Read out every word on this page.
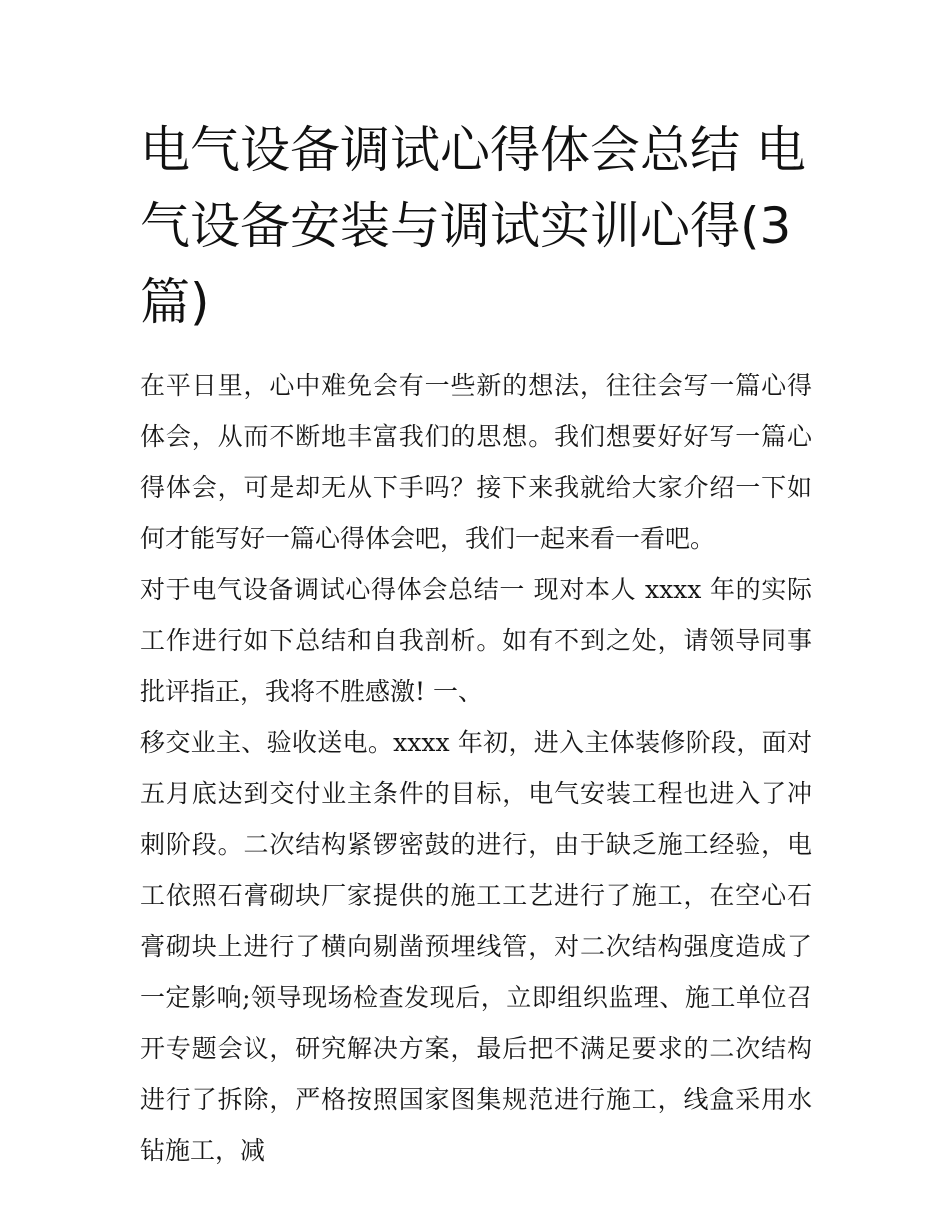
电气设备调试心得体会总结 电气设备安装与调试实训心得(3篇)

在平日里，心中难免会有一些新的想法，往往会写一篇心得体会，从而不断地丰富我们的思想。我们想要好好写一篇心得体会，可是却无从下手吗？接下来我就给大家介绍一下如何才能写好一篇心得体会吧，我们一起来看一看吧。

对于电气设备调试心得体会总结一 现对本人 xxxx 年的实际工作进行如下总结和自我剖析。如有不到之处，请领导同事批评指正，我将不胜感激! 一、

移交业主、验收送电。xxxx 年初，进入主体装修阶段，面对五月底达到交付业主条件的目标，电气安装工程也进入了冲刺阶段。二次结构紧锣密鼓的进行，由于缺乏施工经验，电工依照石膏砌块厂家提供的施工工艺进行了施工，在空心石膏砌块上进行了横向剔凿预埋线管，对二次结构强度造成了一定影响;领导现场检查发现后，立即组织监理、施工单位召开专题会议，研究解决方案，最后把不满足要求的二次结构进行了拆除，严格按照国家图集规范进行施工，线盒采用水钻施工，减
